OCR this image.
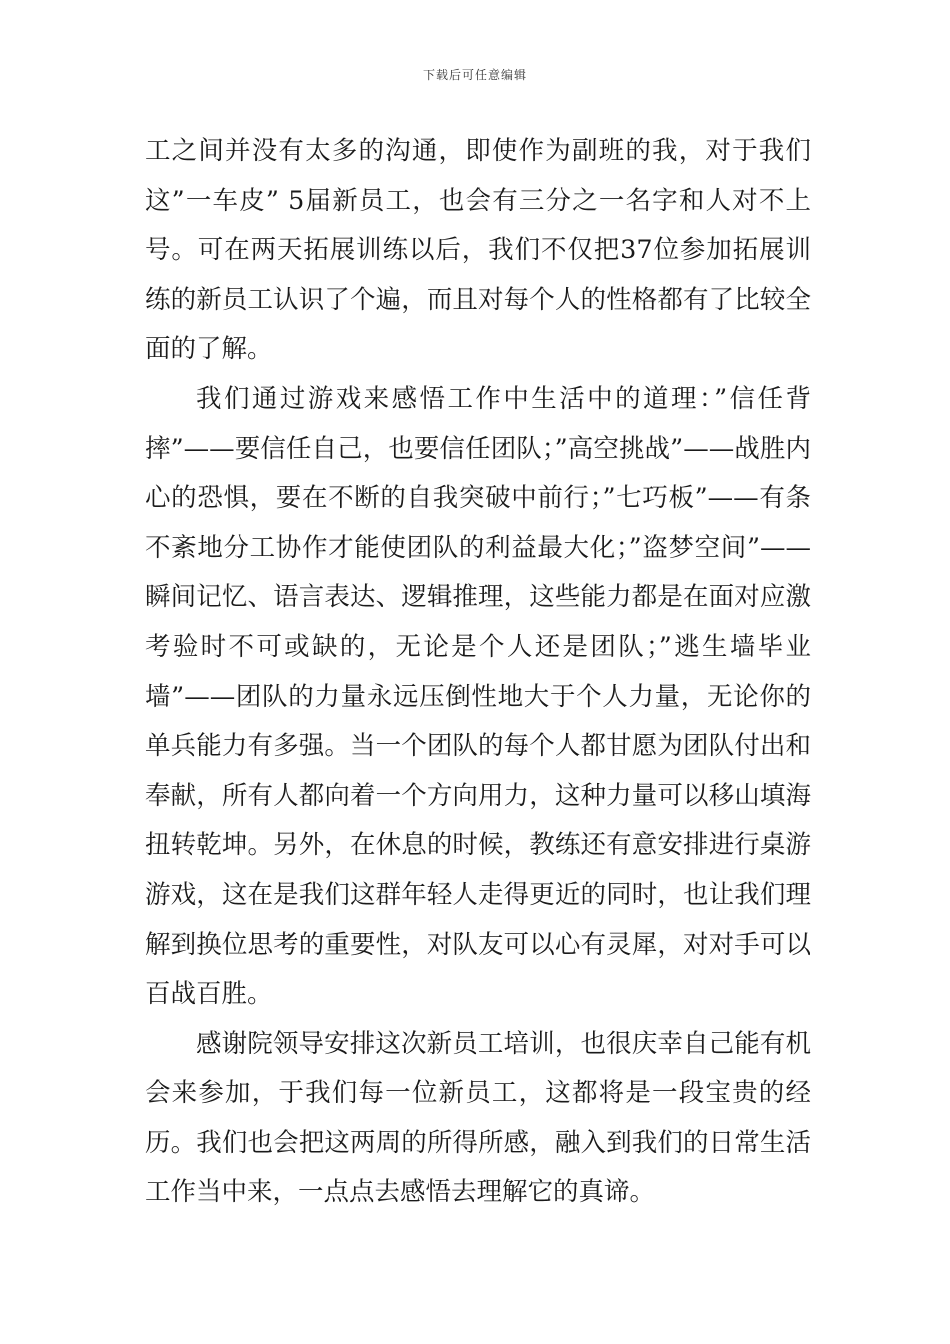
下载后可任意编辑

工之间并没有太多的沟通，即使作为副班的我，对于我们这”一车皮” 5届新员工，也会有三分之一名字和人对不上号。可在两天拓展训练以后，我们不仅把37位参加拓展训练的新员工认识了个遍，而且对每个人的性格都有了比较全面的了解。

我们通过游戏来感悟工作中生活中的道理：”信任背摔”——要信任自己，也要信任团队；”高空挑战”——战胜内心的恐惧，要在不断的自我突破中前行；”七巧板”——有条不紊地分工协作才能使团队的利益最大化；”盗梦空间”——瞬间记忆、语言表达、逻辑推理，这些能力都是在面对应激考验时不可或缺的，无论是个人还是团队；”逃生墙毕业墙”——团队的力量永远压倒性地大于个人力量，无论你的单兵能力有多强。当一个团队的每个人都甘愿为团队付出和奉献，所有人都向着一个方向用力，这种力量可以移山填海扭转乾坤。另外，在休息的时候，教练还有意安排进行桌游游戏，这在是我们这群年轻人走得更近的同时，也让我们理解到换位思考的重要性，对队友可以心有灵犀，对对手可以百战百胜。

感谢院领导安排这次新员工培训，也很庆幸自己能有机会来参加，于我们每一位新员工，这都将是一段宝贵的经历。我们也会把这两周的所得所感，融入到我们的日常生活工作当中来，一点点去感悟去理解它的真谛。
